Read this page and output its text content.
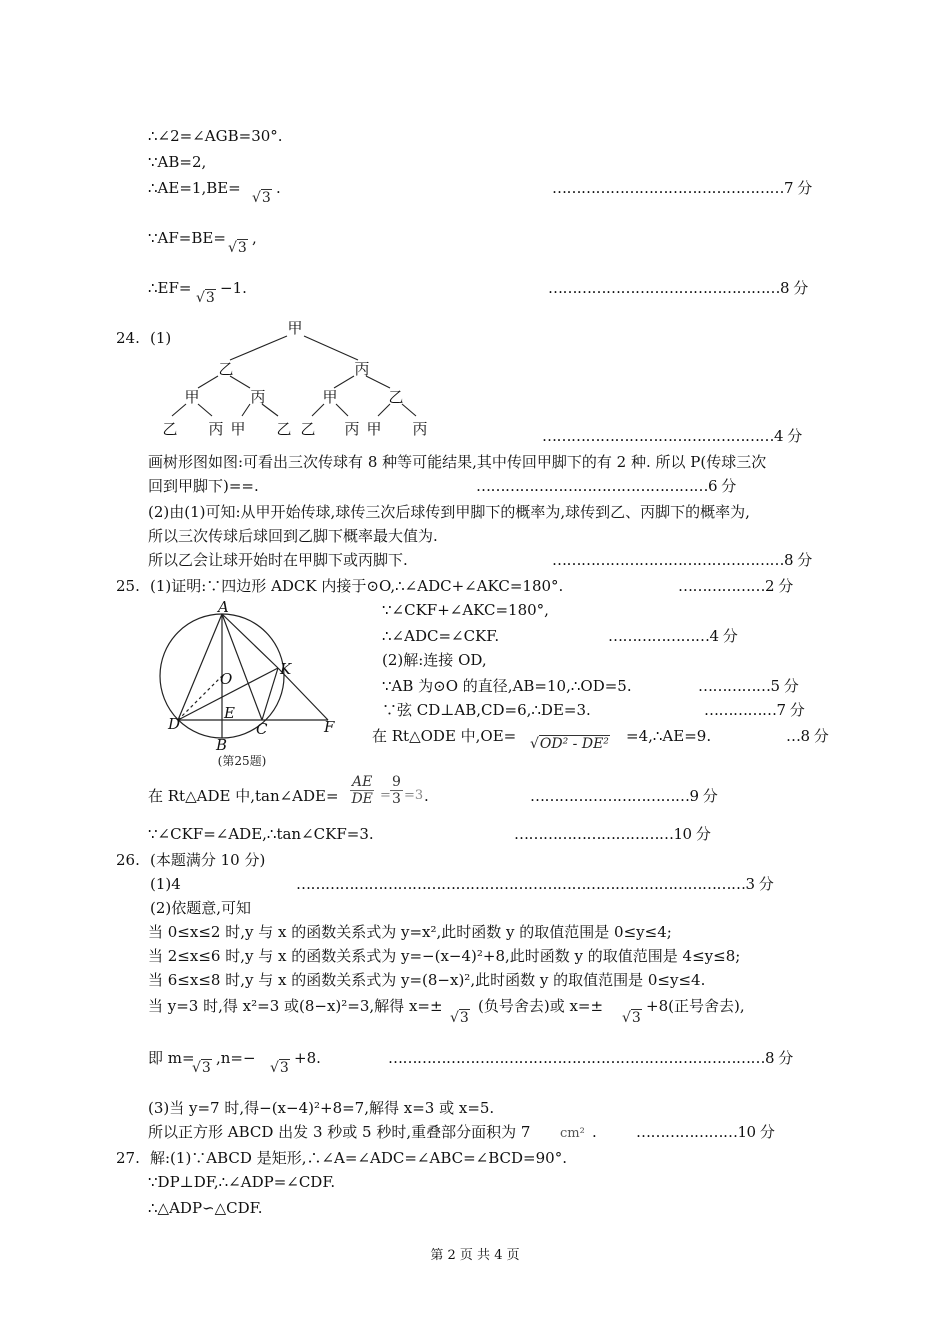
∴∠2=∠AGB=30°.
∵AB=2,
∴AE=1,BE=
√3
.	…………………………………………7 分
∵AF=BE=
√3
,
∴EF=
√3
−1.	…………………………………………8 分
24. (1)
甲
乙	丙
甲	丙	甲	乙
乙 丙 甲 乙 乙 丙 甲 丙	…………………………………………4 分
画树形图如图:可看出三次传球有 8 种等可能结果,其中传回甲脚下的有 2 种. 所以 P(传球三次
回到甲脚下)==.	…………………………………………6 分
(2)由(1)可知:从甲开始传球,球传三次后球传到甲脚下的概率为,球传到乙、丙脚下的概率为,
所以三次传球后球回到乙脚下概率最大值为.
所以乙会让球开始时在甲脚下或丙脚下.	…………………………………………8 分
25. (1)证明:∵四边形 ADCK 内接于⊙O,∴∠ADC+∠AKC=180°.	………………2 分
A
O
K
D
E
C	F
B
(第25题)
∵∠CKF+∠AKC=180°,
∴∠ADC=∠CKF.	…………………4 分
(2)解:连接 OD,
∵AB 为⊙O 的直径,AB=10,∴OD=5.	……………5 分
∵弦 CD⊥AB,CD=6,∴DE=3.	……………7 分
在 Rt△ODE 中,OE= √OD² - DE² =4,∴AE=9.	…8 分
在 Rt△ADE 中,tan∠ADE= $\frac{AE}{DE} = \frac{9}{3} =3$ .	……………………………9 分
∵∠CKF=∠ADE,∴tan∠CKF=3.	……………………………10 分
26. (本题满分 10 分)
(1)4	…………………………………………………………………………………3 分
(2)依题意,可知
当 0≤x≤2 时,y 与 x 的函数关系式为 y=x²,此时函数 y 的取值范围是 0≤y≤4;
当 2≤x≤6 时,y 与 x 的函数关系式为 y=−(x−4)²+8,此时函数 y 的取值范围是 4≤y≤8;
当 6≤x≤8 时,y 与 x 的函数关系式为 y=(8−x)²,此时函数 y 的取值范围是 0≤y≤4.
当 y=3 时,得 x²=3 或(8−x)²=3,解得 x=±
√3
(负号舍去)或 x=±
√3
+8(正号舍去),
即 m=
√3
,n=−
√3
+8.	……………………………………………………………………8 分
(3)当 y=7 时,得−(x−4)²+8=7,解得 x=3 或 x=5.
所以正方形 ABCD 出发 3 秒或 5 秒时,重叠部分面积为 7 cm² .	…………………10 分
27. 解:(1)∵ABCD 是矩形,∴∠A=∠ADC=∠ABC=∠BCD=90°.
∵DP⊥DF,∴∠ADP=∠CDF.
∴△ADP∽△CDF.
第 2 页 共 4 页
